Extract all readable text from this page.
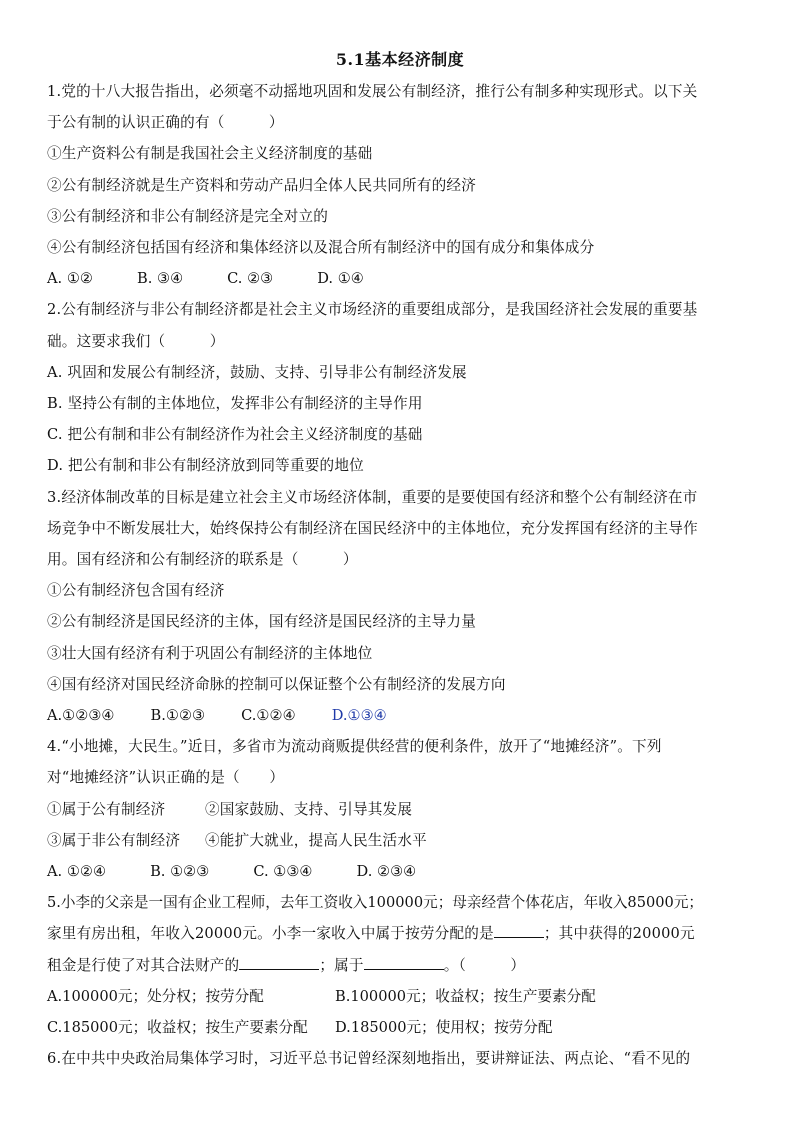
5.1基本经济制度
1.党的十八大报告指出，必须毫不动摇地巩固和发展公有制经济，推行公有制多种实现形式。以下关
于公有制的认识正确的有（　　　）
①生产资料公有制是我国社会主义经济制度的基础
②公有制经济就是生产资料和劳动产品归全体人民共同所有的经济
③公有制经济和非公有制经济是完全对立的
④公有制经济包括国有经济和集体经济以及混合所有制经济中的国有成分和集体成分
A. ①②	B. ③④	C. ②③	D. ①④
2.公有制经济与非公有制经济都是社会主义市场经济的重要组成部分，是我国经济社会发展的重要基
础。这要求我们（　　　）
A. 巩固和发展公有制经济，鼓励、支持、引导非公有制经济发展
B. 坚持公有制的主体地位，发挥非公有制经济的主导作用
C. 把公有制和非公有制经济作为社会主义经济制度的基础
D. 把公有制和非公有制经济放到同等重要的地位
3.经济体制改革的目标是建立社会主义市场经济体制，重要的是要使国有经济和整个公有制经济在市
场竞争中不断发展壮大，始终保持公有制经济在国民经济中的主体地位，充分发挥国有经济的主导作
用。国有经济和公有制经济的联系是（　　　）
①公有制经济包含国有经济
②公有制经济是国民经济的主体，国有经济是国民经济的主导力量
③壮大国有经济有利于巩固公有制经济的主体地位
④国有经济对国民经济命脉的控制可以保证整个公有制经济的发展方向
A.①②③④ B.①②③ C.①②④ D.①③④
4.“小地摊，大民生。”近日，多省市为流动商贩提供经营的便利条件，放开了“地摊经济”。下列
对“地摊经济”认识正确的是（　　）
①属于公有制经济	②国家鼓励、支持、引导其发展
③属于非公有制经济 ④能扩大就业，提高人民生活水平
A. ①②④	B. ①②③	C. ①③④	D. ②③④
5.小李的父亲是一国有企业工程师，去年工资收入100000元；母亲经营个体花店，年收入85000元；
家里有房出租，年收入20000元。小李一家收入中属于按劳分配的是	；其中获得的20000元
租金是行使了对其合法财产的	；属于	。（　　　）
A.100000元；处分权；按劳分配	B.100000元；收益权；按生产要素分配
C.185000元；收益权；按生产要素分配 D.185000元；使用权；按劳分配
6.在中共中央政治局集体学习时，习近平总书记曾经深刻地指出，要讲辩证法、两点论、“看不见的
